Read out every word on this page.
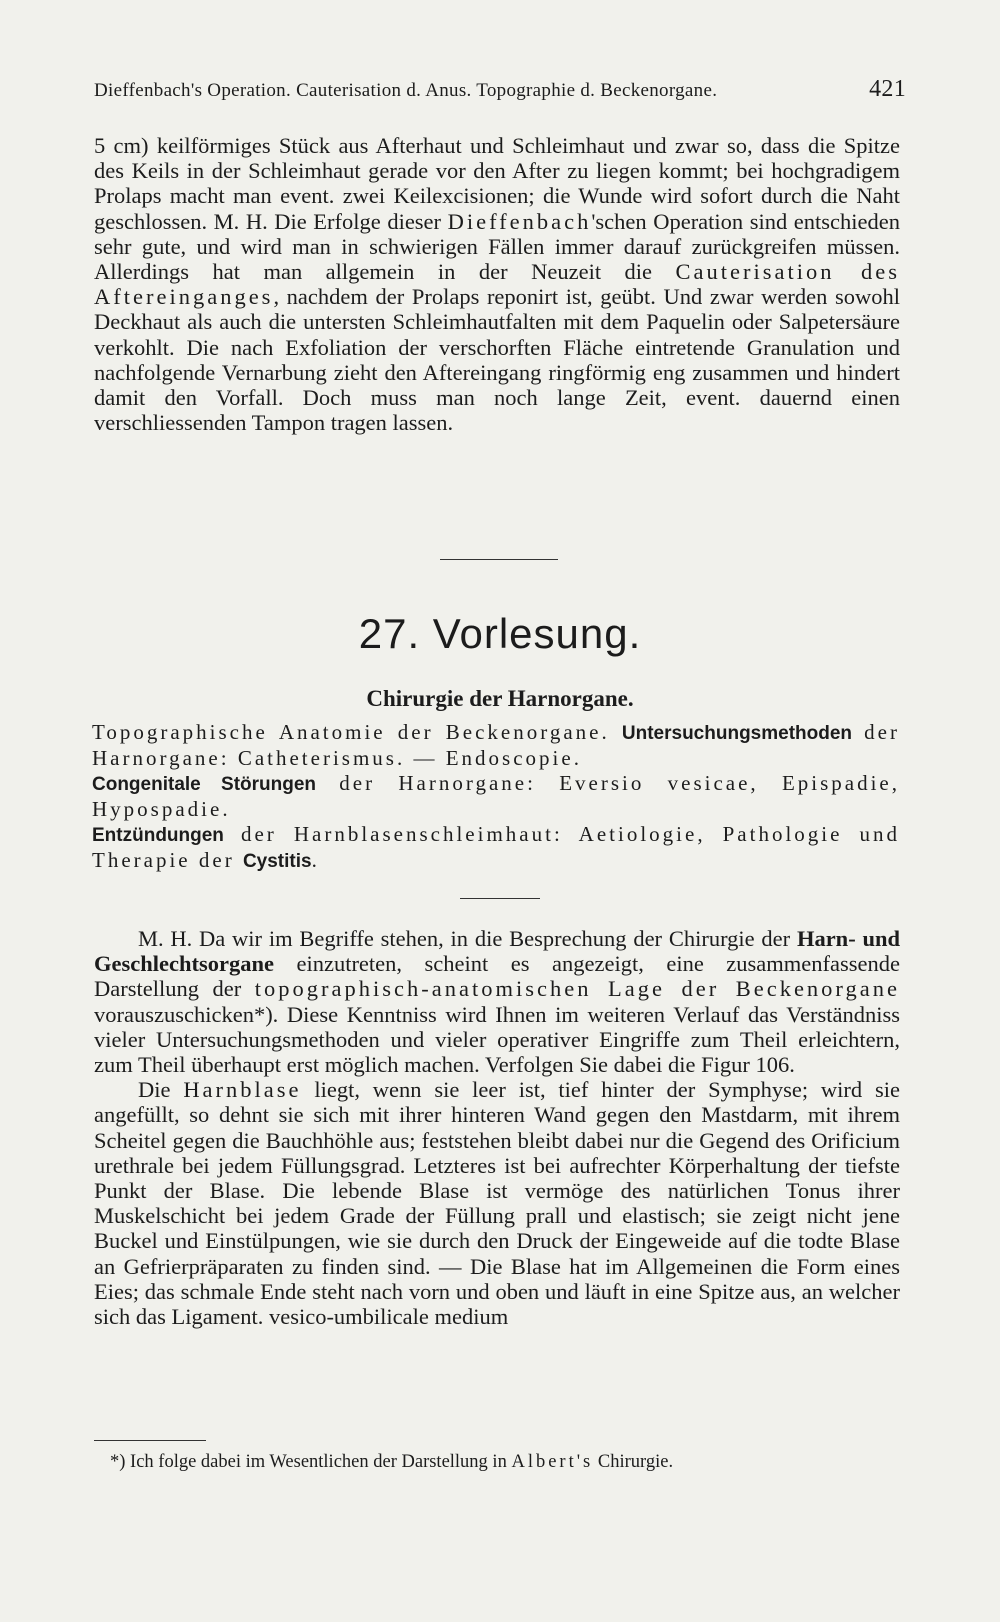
Dieffenbach's Operation. Cauterisation d. Anus. Topographie d. Beckenorgane.	421

5 cm) keilförmiges Stück aus Afterhaut und Schleimhaut und zwar so, dass die Spitze des Keils in der Schleimhaut gerade vor den After zu liegen kommt; bei hochgradigem Prolaps macht man event. zwei Keilexcisionen; die Wunde wird sofort durch die Naht geschlossen. M. H. Die Erfolge dieser Dieffenbach'schen Operation sind entschieden sehr gute, und wird man in schwierigen Fällen immer darauf zurückgreifen müssen. Allerdings hat man allgemein in der Neuzeit die Cauterisation des Aftereinganges, nachdem der Prolaps reponirt ist, geübt. Und zwar werden sowohl Deckhaut als auch die untersten Schleimhautfalten mit dem Paquelin oder Salpetersäure verkohlt. Die nach Exfoliation der verschorften Fläche eintretende Granulation und nachfolgende Vernarbung zieht den Aftereingang ringförmig eng zusammen und hindert damit den Vorfall. Doch muss man noch lange Zeit, event. dauernd einen verschliessenden Tampon tragen lassen.

27. Vorlesung.
Chirurgie der Harnorgane.

Topographische Anatomie der Beckenorgane. Untersuchungsmethoden der Harnorgane: Catheterismus. — Endoscopie.

Congenitale Störungen der Harnorgane: Eversio vesicae, Epispadie, Hypospadie.

Entzündungen der Harnblasenschleimhaut: Aetiologie, Pathologie und Therapie der Cystitis.

M. H. Da wir im Begriffe stehen, in die Besprechung der Chirurgie der Harn- und Geschlechtsorgane einzutreten, scheint es angezeigt, eine zusammenfassende Darstellung der topographisch-anatomischen Lage der Beckenorgane vorauszuschicken*). Diese Kenntniss wird Ihnen im weiteren Verlauf das Verständniss vieler Untersuchungsmethoden und vieler operativer Eingriffe zum Theil erleichtern, zum Theil überhaupt erst möglich machen. Verfolgen Sie dabei die Figur 106.

Die Harnblase liegt, wenn sie leer ist, tief hinter der Symphyse; wird sie angefüllt, so dehnt sie sich mit ihrer hinteren Wand gegen den Mastdarm, mit ihrem Scheitel gegen die Bauchhöhle aus; feststehen bleibt dabei nur die Gegend des Orificium urethrale bei jedem Füllungsgrad. Letzteres ist bei aufrechter Körperhaltung der tiefste Punkt der Blase. Die lebende Blase ist vermöge des natürlichen Tonus ihrer Muskelschicht bei jedem Grade der Füllung prall und elastisch; sie zeigt nicht jene Buckel und Einstülpungen, wie sie durch den Druck der Eingeweide auf die todte Blase an Gefrierpräparaten zu finden sind. — Die Blase hat im Allgemeinen die Form eines Eies; das schmale Ende steht nach vorn und oben und läuft in eine Spitze aus, an welcher sich das Ligament. vesico-umbilicale medium

*) Ich folge dabei im Wesentlichen der Darstellung in Albert's Chirurgie.
